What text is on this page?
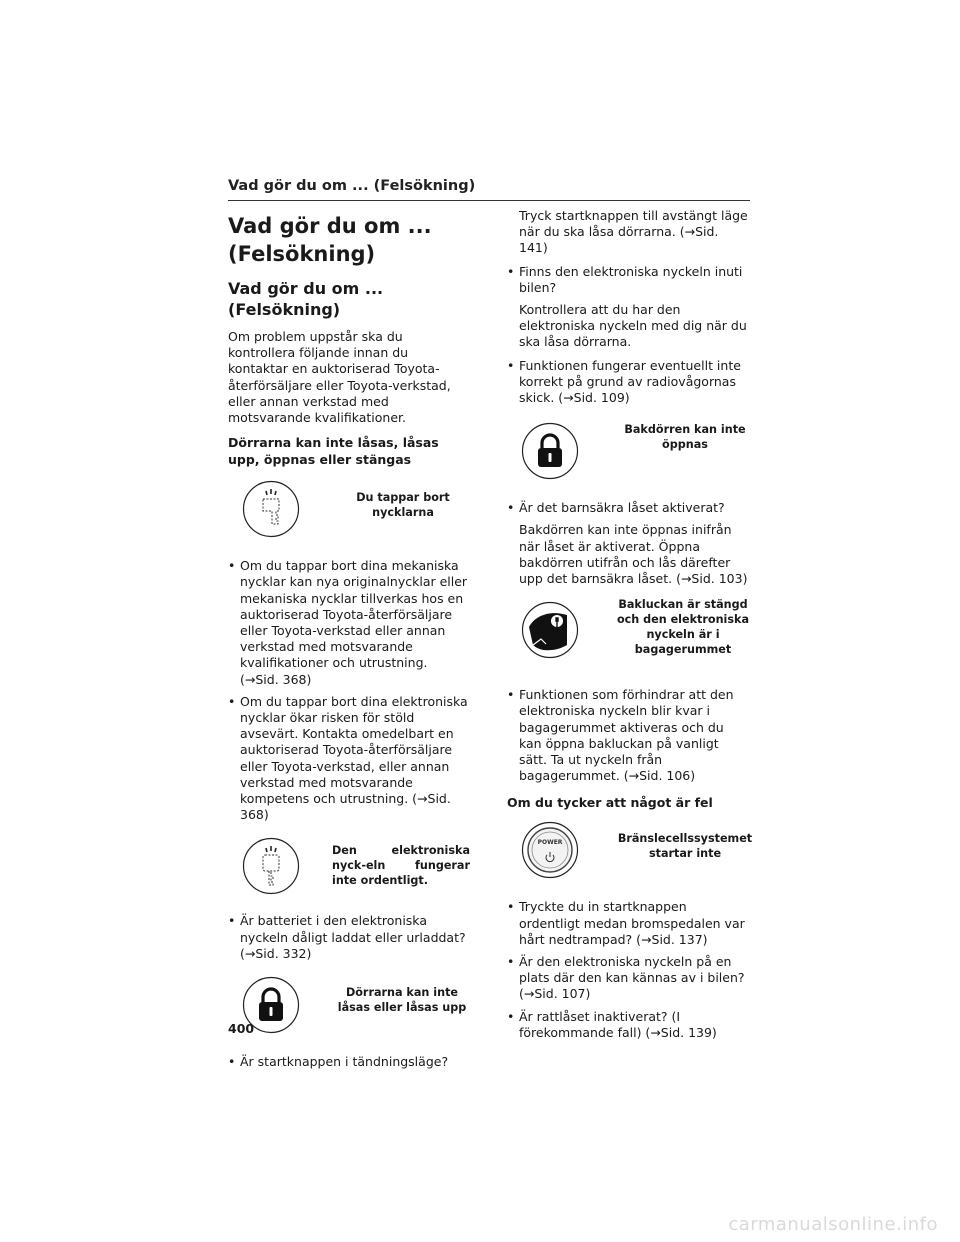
Vad gör du om ... (Felsökning)
Vad gör du om ...
(Felsökning)
Vad gör du om ... (Felsökning)

Om problem uppstår ska du kontrollera följande innan du kontaktar en auktoriserad Toyota-återförsäljare eller Toyota-verkstad, eller annan verkstad med motsvarande kvalifikationer.

Dörrarna kan inte låsas, låsas upp, öppnas eller stängas
Du tappar bort nycklarna
• Om du tappar bort dina mekaniska nycklar kan nya originalnycklar eller mekaniska nycklar tillverkas hos en auktoriserad Toyota-återförsäljare eller Toyota-verkstad eller annan verkstad med motsvarande kvalifikationer och utrustning. (→Sid. 368)
• Om du tappar bort dina elektroniska nycklar ökar risken för stöld avsevärt. Kontakta omedelbart en auktoriserad Toyota-återförsäljare eller Toyota-verkstad, eller annan verkstad med motsvarande kompetens och utrustning. (→Sid. 368)
Den elektroniska nyck-eln fungerar inte ordentligt.
• Är batteriet i den elektroniska nyckeln dåligt laddat eller urladdat? (→Sid. 332)
Dörrarna kan inte låsas eller låsas upp
• Är startknappen i tändningsläge?
Tryck startknappen till avstängt läge när du ska låsa dörrarna. (→Sid. 141)
• Finns den elektroniska nyckeln inuti bilen?
Kontrollera att du har den elektroniska nyckeln med dig när du ska låsa dörrarna.
• Funktionen fungerar eventuellt inte korrekt på grund av radiovågornas skick. (→Sid. 109)
Bakdörren kan inte öppnas
• Är det barnsäkra låset aktiverat?
Bakdörren kan inte öppnas inifrån när låset är aktiverat. Öppna bakdörren utifrån och lås därefter upp det barnsäkra låset. (→Sid. 103)
Bakluckan är stängd och den elektroniska nyckeln är i bagagerummet
• Funktionen som förhindrar att den elektroniska nyckeln blir kvar i bagagerummet aktiveras och du kan öppna bakluckan på vanligt sätt. Ta ut nyckeln från bagagerummet. (→Sid. 106)
Om du tycker att något är fel
POWER	Bränslecellssystemet startar inte
• Tryckte du in startknappen ordentligt medan bromspedalen var hårt nedtrampad? (→Sid. 137)
• Är den elektroniska nyckeln på en plats där den kan kännas av i bilen? (→Sid. 107)
• Är rattlåset inaktiverat? (I förekommande fall) (→Sid. 139)
400
carmanualsonline.info
